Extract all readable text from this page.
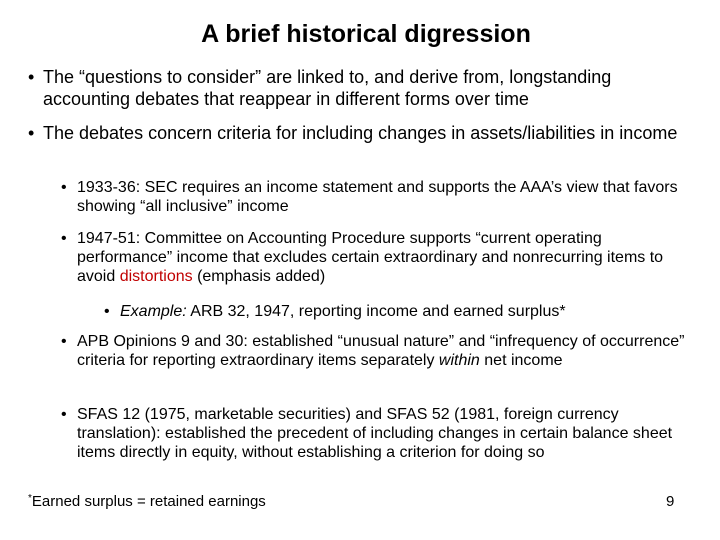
A brief historical digression
• The “questions to consider” are linked to, and derive from, longstanding accounting debates that reappear in different forms over time
• The debates concern criteria for including changes in assets/liabilities in income
• 1933-36: SEC requires an income statement and supports the AAA’s view that favors showing “all inclusive” income
• 1947-51: Committee on Accounting Procedure supports “current operating performance” income that excludes certain extraordinary and nonrecurring items to avoid distortions (emphasis added)
• Example: ARB 32, 1947, reporting income and earned surplus*
• APB Opinions 9 and 30: established “unusual nature” and “infrequency of occurrence” criteria for reporting extraordinary items separately within net income
• SFAS 12 (1975, marketable securities) and SFAS 52 (1981, foreign currency translation): established the precedent of including changes in certain balance sheet items directly in equity, without establishing a criterion for doing so
*Earned surplus = retained earnings	9
